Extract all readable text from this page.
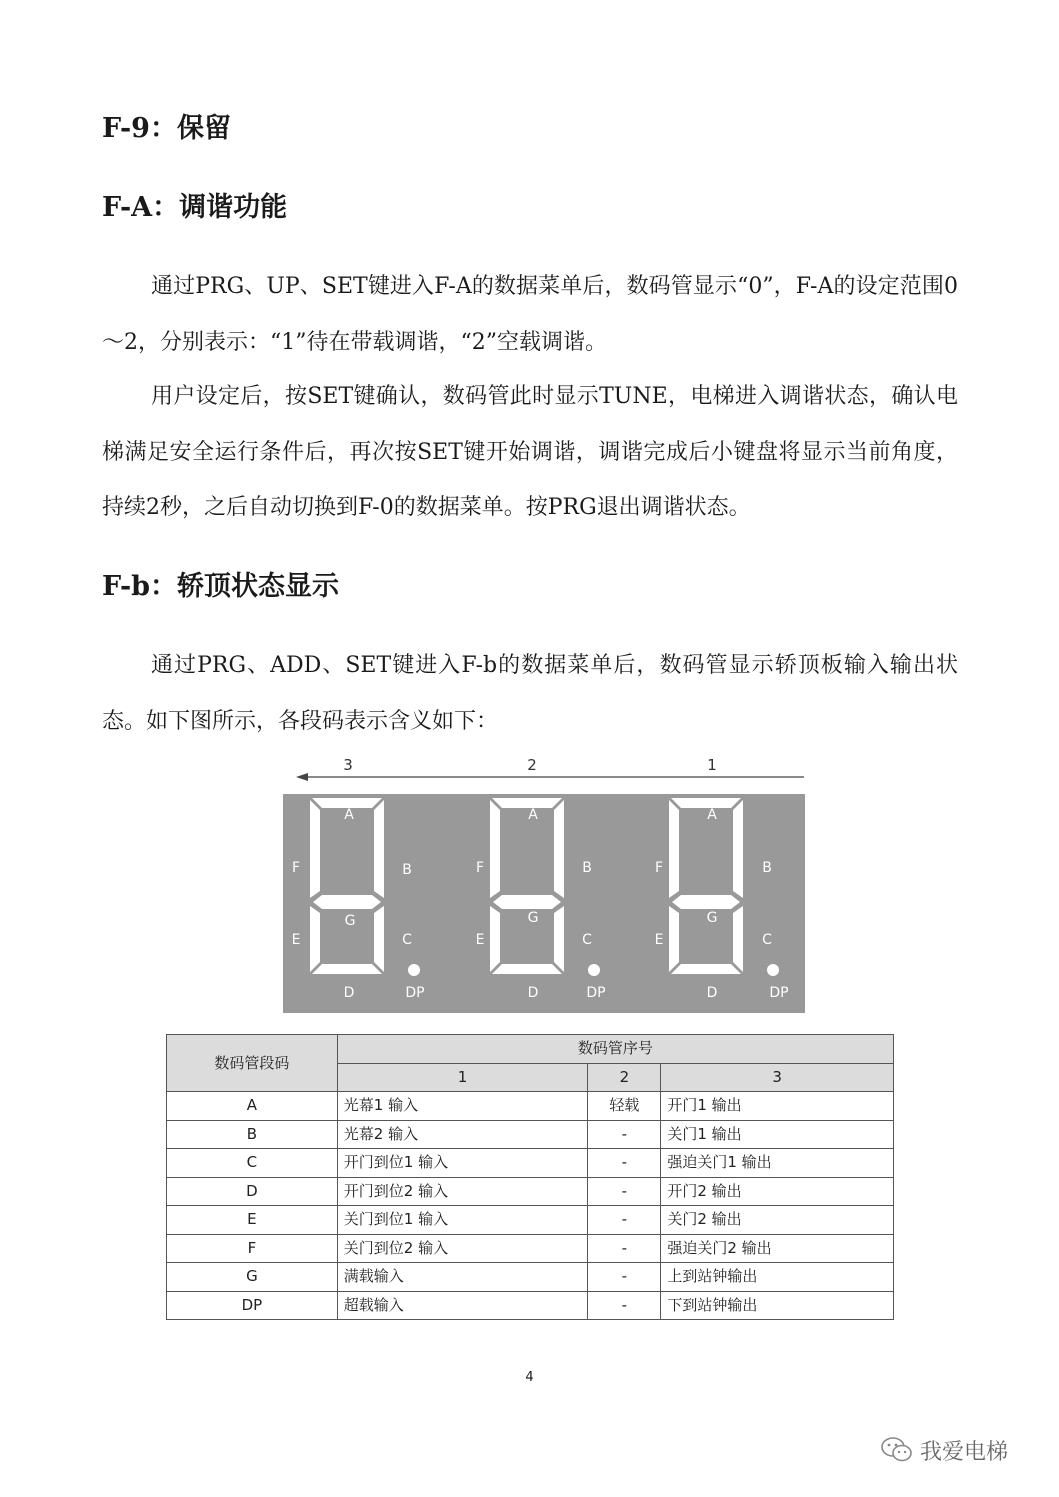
F-9：保留
F-A：调谐功能

通过PRG、UP、SET键进入F-A的数据菜单后，数码管显示“0”，F-A的设定范围0～2，分别表示：“1”待在带载调谐，“2”空载调谐。

用户设定后，按SET键确认，数码管此时显示TUNE，电梯进入调谐状态，确认电梯满足安全运行条件后，再次按SET键开始调谐，调谐完成后小键盘将显示当前角度，持续2秒，之后自动切换到F-0的数据菜单。按PRG退出调谐状态。

F-b：轿顶状态显示

通过PRG、ADD、SET键进入F-b的数据菜单后，数码管显示轿顶板输入输出状态。如下图所示，各段码表示含义如下：

3	2	1
A
B
C
D
E
F
G
DP
A
B
C
D
E
F
G
DP
A
B
C
D
E
F
G
DP
数码管段码	数码管序号		
	1	2	3
A	光幕1 输入	轻载	开门1 输出
B	光幕2 输入	-	关门1 输出
C	开门到位1 输入	-	强迫关门1 输出
D	开门到位2 输入	-	开门2 输出
E	关门到位1 输入	-	关门2 输出
F	关门到位2 输入	-	强迫关门2 输出
G	满载输入	-	上到站钟输出
DP	超载输入	-	下到站钟输出
4
我爱电梯
